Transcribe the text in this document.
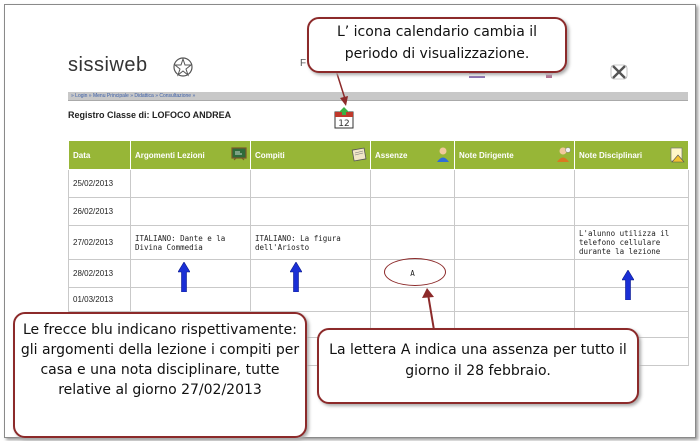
sissiweb	F
» Login » Menu Principale » Didattica » Consultazione »
Registro Classe di: LOFOCO ANDREA
12
Data	Argomenti Lezioni	Compiti	Assenze	Note Dirigente	Note Disciplinari

25/02/2013					
26/02/2013					
27/02/2013	ITALIANO: Dante e la Divina Commedia	ITALIANO: La figura dell'Ariosto			L'alunno utilizza il telefono cellulare durante la lezione
28/02/2013			A		
01/03/2013					

L’ icona calendario cambia il periodo di visualizzazione.
Le frecce blu indicano rispettivamente: gli argomenti della lezione i compiti per casa e una nota disciplinare, tutte relative al giorno 27/02/2013
La lettera A indica una assenza per tutto il giorno il 28 febbraio.
